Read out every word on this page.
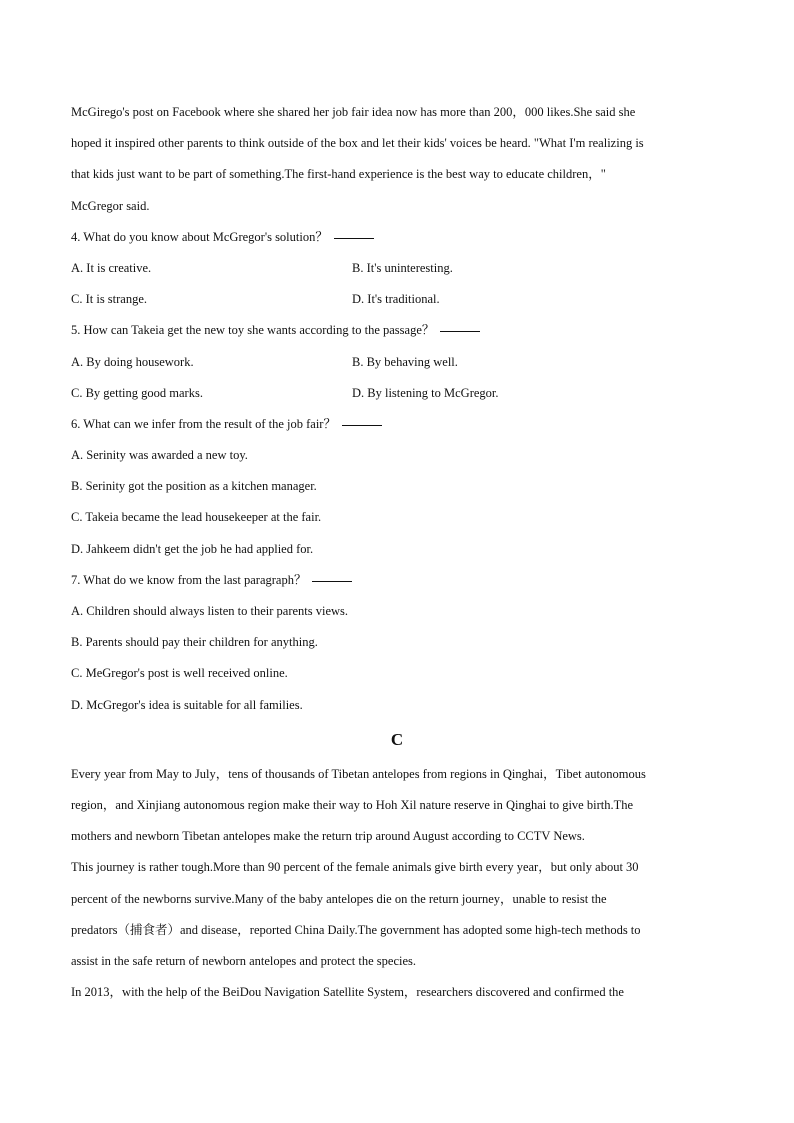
McGirego's post on Facebook where she shared her job fair idea now has more than 200，000 likes.She said she
hoped it inspired other parents to think outside of the box and let their kids' voices be heard. "What I'm realizing is
that kids just want to be part of something.The first-hand experience is the best way to educate children，"
McGregor said.
4. What do you know about McGregor's solution？
A. It is creative.	B. It's uninteresting.
C. It is strange.	D. It's traditional.
5. How can Takeia get the new toy she wants according to the passage？
A. By doing housework.	B. By behaving well.
C. By getting good marks.	D. By listening to McGregor.
6. What can we infer from the result of the job fair？
A. Serinity was awarded a new toy.
B. Serinity got the position as a kitchen manager.
C. Takeia became the lead housekeeper at the fair.
D. Jahkeem didn't get the job he had applied for.
7. What do we know from the last paragraph？
A. Children should always listen to their parents views.
B. Parents should pay their children for anything.
C. MeGregor's post is well received online.
D. McGregor's idea is suitable for all families.
C
Every year from May to July，tens of thousands of Tibetan antelopes from regions in Qinghai，Tibet autonomous
region，and Xinjiang autonomous region make their way to Hoh Xil nature reserve in Qinghai to give birth.The
mothers and newborn Tibetan antelopes make the return trip around August according to CCTV News.
This journey is rather tough.More than 90 percent of the female animals give birth every year，but only about 30
percent of the newborns survive.Many of the baby antelopes die on the return journey，unable to resist the
predators（捕食者）and disease，reported China Daily.The government has adopted some high-tech methods to
assist in the safe return of newborn antelopes and protect the species.
In 2013，with the help of the BeiDou Navigation Satellite System，researchers discovered and confirmed the
